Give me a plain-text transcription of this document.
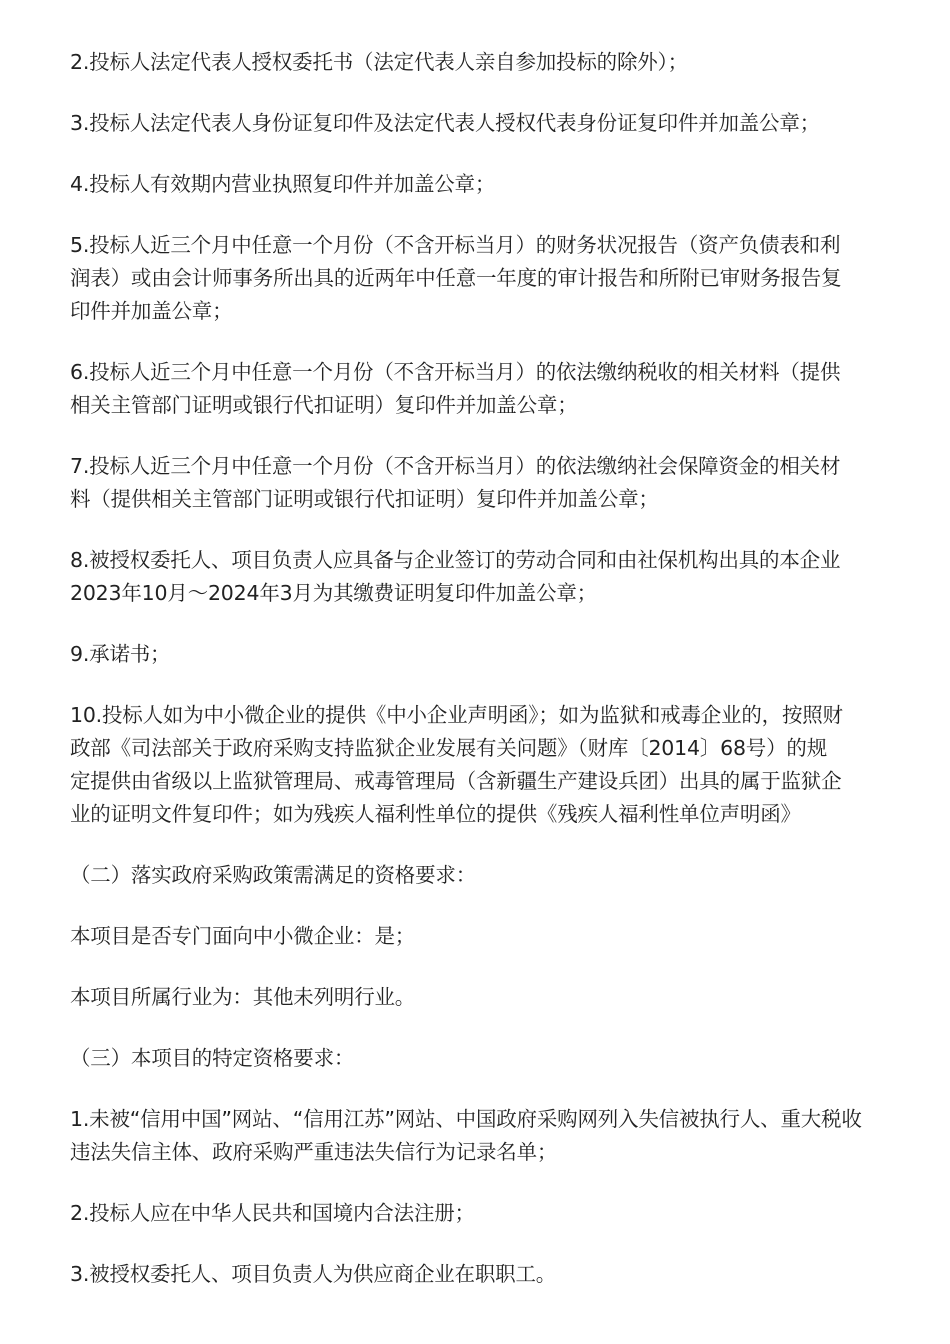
2.投标人法定代表人授权委托书（法定代表人亲自参加投标的除外）；
3.投标人法定代表人身份证复印件及法定代表人授权代表身份证复印件并加盖公章；
4.投标人有效期内营业执照复印件并加盖公章；
5.投标人近三个月中任意一个月份（不含开标当月）的财务状况报告（资产负债表和利
润表）或由会计师事务所出具的近两年中任意一年度的审计报告和所附已审财务报告复
印件并加盖公章；
6.投标人近三个月中任意一个月份（不含开标当月）的依法缴纳税收的相关材料（提供
相关主管部门证明或银行代扣证明）复印件并加盖公章；
7.投标人近三个月中任意一个月份（不含开标当月）的依法缴纳社会保障资金的相关材
料（提供相关主管部门证明或银行代扣证明）复印件并加盖公章；
8.被授权委托人、项目负责人应具备与企业签订的劳动合同和由社保机构出具的本企业
2023年10月～2024年3月为其缴费证明复印件加盖公章；
9.承诺书；
10.投标人如为中小微企业的提供《中小企业声明函》；如为监狱和戒毒企业的，按照财
政部《司法部关于政府采购支持监狱企业发展有关问题》（财库〔2014〕68号）的规
定提供由省级以上监狱管理局、戒毒管理局（含新疆生产建设兵团）出具的属于监狱企
业的证明文件复印件；如为残疾人福利性单位的提供《残疾人福利性单位声明函》
（二）落实政府采购政策需满足的资格要求：
本项目是否专门面向中小微企业：是；
本项目所属行业为：其他未列明行业。
（三）本项目的特定资格要求：
1.未被“信用中国”网站、“信用江苏”网站、中国政府采购网列入失信被执行人、重大税收
违法失信主体、政府采购严重违法失信行为记录名单；
2.投标人应在中华人民共和国境内合法注册；
3.被授权委托人、项目负责人为供应商企业在职职工。
